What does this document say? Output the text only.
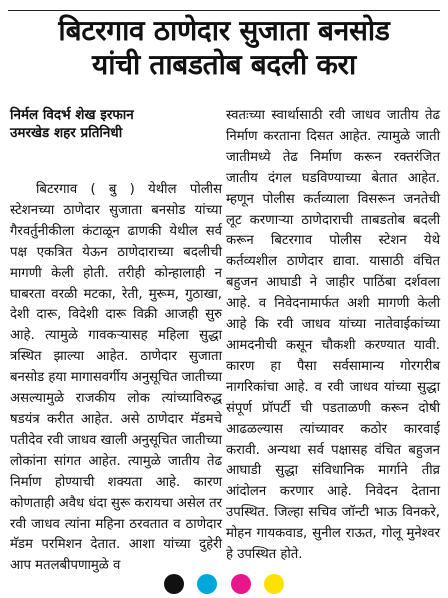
बिटरगाव ठाणेदार सुजाता बनसोड
यांची ताबडतोब बदली करा
निर्मल विदर्भ शेख इरफान
उमरखेड शहर प्रतिनिधी

बिटरगाव ( बु ) येथील पोलीस स्टेशनच्या ठाणेदार सुजाता बनसोड यांच्या गैरवर्तुनीकीला कंटाळून ढाणकी येथील सर्व पक्ष एकत्रित येऊन ठाणेदाराच्या बदलीची मागणी केली होती. तरीही कोन्हालाही न घाबरता वरळी मटका, रेती, मुरूम, गुठाखा, देशी दारू, विदेशी दारू विक्री आजही सुरु आहे. त्यामुळे गावकऱ्यासह महिला सुद्धा त्रस्थित झाल्या आहेत. ठाणेदार सुजाता बनसोड हया मागासवर्गीय अनुसूचित जातीच्या असल्यामुळे राजकीय लोक त्यांच्याविरुद्ध षडयंत्र करीत आहेत. असे ठाणेदार मॅडमचे पतीदेव रवी जाधव खाली अनुसूचित जातीच्या लोकांना सांगत आहेत. त्यामुळे जातीय तेढ निर्माण होण्याची शक्यता आहे. कारण कोणताही अवैध धंदा सुरू करायचा असेल तर रवी जाधव त्यांना महिना ठरवतात व ठाणेदार मॅडम परमिशन देतात. आशा यांच्या दुहेरी आप मतलबीपणामुळे व

स्वतःच्या स्वार्थासाठी रवी जाधव जातीय तेढ निर्माण करताना दिसत आहेत. त्यामुळे जाती जातीमध्ये तेढ निर्माण करून रक्तरंजित जातीय दंगल घडविण्याच्या बेतात आहेत. म्हणून पोलीस कर्तव्याला विसरून जनतेची लूट करणाऱ्या ठाणेदाराची ताबडतोब बदली करून बिटरगाव पोलीस स्टेशन येथे कर्तव्यशील ठाणेदार द्यावा. यासाठी वंचित बहुजन आघाडी ने जाहीर पाठिंबा दर्शवला आहे. व निवेदनामार्फत अशी मागणी केली आहे कि रवी जाधव यांच्या नातेवाईकांच्या आमदनीची कसून चौकशी करण्यात यावी. कारण हा पैसा सर्वसामान्य गोरगरीब नागरिकांचा आहे. व रवी जाधव यांच्या सुद्धा संपूर्ण प्रॉपर्टी ची पडताळणी करून दोषी आढळल्यास त्यांच्यावर कठोर कारवाई करावी. अन्यथा सर्व पक्षासह वंचित बहुजन आघाडी सुद्धा संविधानिक मार्गाने तीव्र आंदोलन करणार आहे. निवेदन देताना उपस्थित. जिल्हा सचिव जॉन्टी भाऊ विनकरे, मोहन गायकवाड, सुनील राऊत, गोलू मुनेश्वर हे उपस्थित होते.
